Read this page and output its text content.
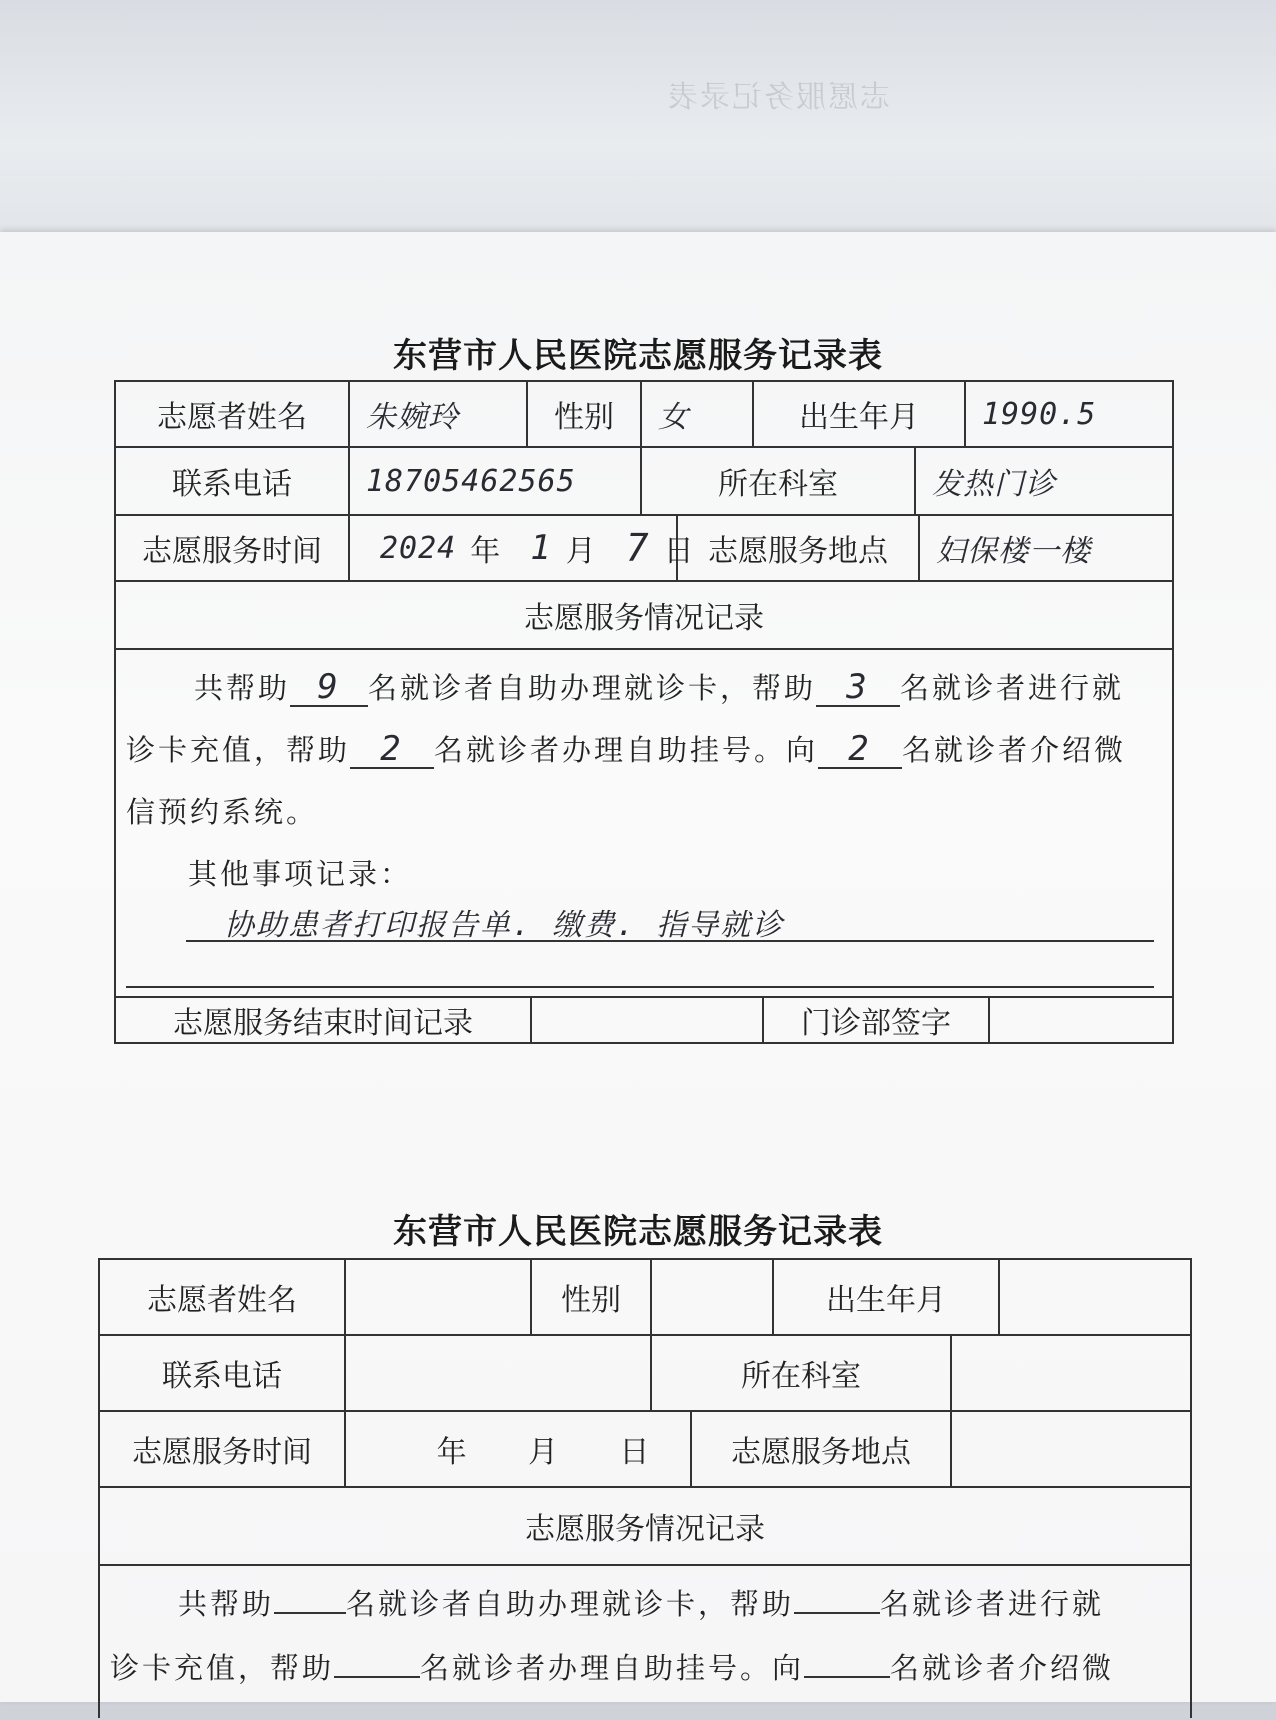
志愿服务记录表
东营市人民医院志愿服务记录表
志愿者姓名	朱婉玲	性别	女	出生年月	1990.5
联系电话	18705462565	所在科室	发热门诊
志愿服务时间	2024 年 1 月 7 日 志愿服务地点	妇保楼一楼
志愿服务情况记录
共帮助 9 名就诊者自助办理就诊卡，帮助 3 名就诊者进行就
诊卡充值，帮助 2 名就诊者办理自助挂号。向 2 名就诊者介绍微
信预约系统。
其他事项记录：
协助患者打印报告单. 缴费. 指导就诊
志愿服务结束时间记录	门诊部签字
东营市人民医院志愿服务记录表
志愿者姓名	性别	出生年月
联系电话	所在科室
志愿服务时间	年 月 日	志愿服务地点
志愿服务情况记录
共帮助 名就诊者自助办理就诊卡，帮助	名就诊者进行就
诊卡充值，帮助	名就诊者办理自助挂号。向	名就诊者介绍微
